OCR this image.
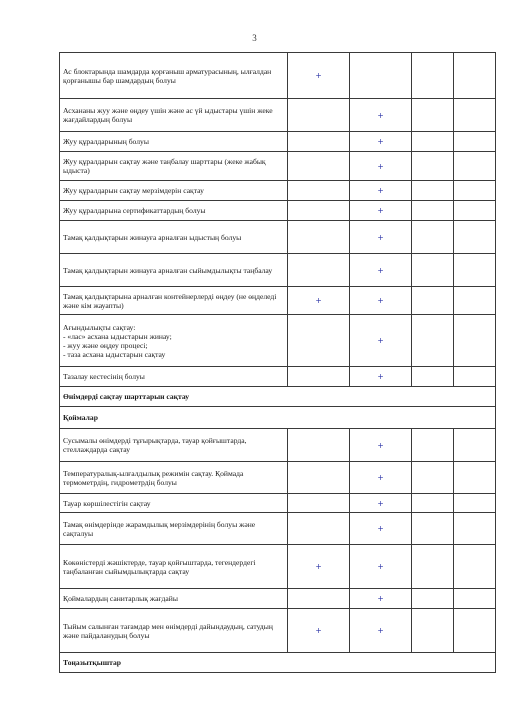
3
Ас блоктарында шамдарда қорғаныш арматурасының, ылғалдан қорғанышы бар шамдардың болуы	+			
Асхананы жуу және өңдеу үшін және ас үй ыдыстары үшін жеке жағдайлардың болуы		+		
Жуу құралдарының болуы		+		
Жуу құралдарын сақтау және таңбалау шарттары (жеке жабық ыдыста)		+		
Жуу құралдарын сақтау мерзімдерін сақтау		+		
Жуу құралдарына сертификаттардың болуы		+		
Тамақ қалдықтарын жинауға арналған ыдыстың болуы		+		
Тамақ қалдықтарын жинауға арналған сыйымдылықты таңбалау		+		
Тамақ қалдықтарына арналған контейнерлерді өңдеу (не өңделеді және кім жауапты)	+	+		
Ағындылықты сақтау:
- «лас» асхана ыдыстарын жинау;
- жуу және өңдеу процесі;
- таза асхана ыдыстарын сақтау		+		
Тазалау кестесінің болуы		+		
Өнімдерді сақтау шарттарын сақтау				
Қоймалар				
Сусымалы өнімдерді тұғырықтарда, тауар қойғыштарда, стеллаждарда сақтау		+		
Температуралық-ылғалдылық режимін сақтау. Қоймада термометрдің, гидрометрдің болуы		+		
Тауар көршілестігін сақтау		+		
Тамақ өнімдерінде жарамдылық мерзімдерінің болуы және сақталуы		+		
Көкөністерді жәшіктерде, тауар қойғыштарда, тегендердегі таңбаланған сыйымдылықтарда сақтау	+	+		
Қоймалардың санитарлық жағдайы		+		
Тыйым салынған тағамдар мен өнімдерді дайындаудың, сатудың және пайдаланудың болуы	+	+		
Тоңазытқыштар				
